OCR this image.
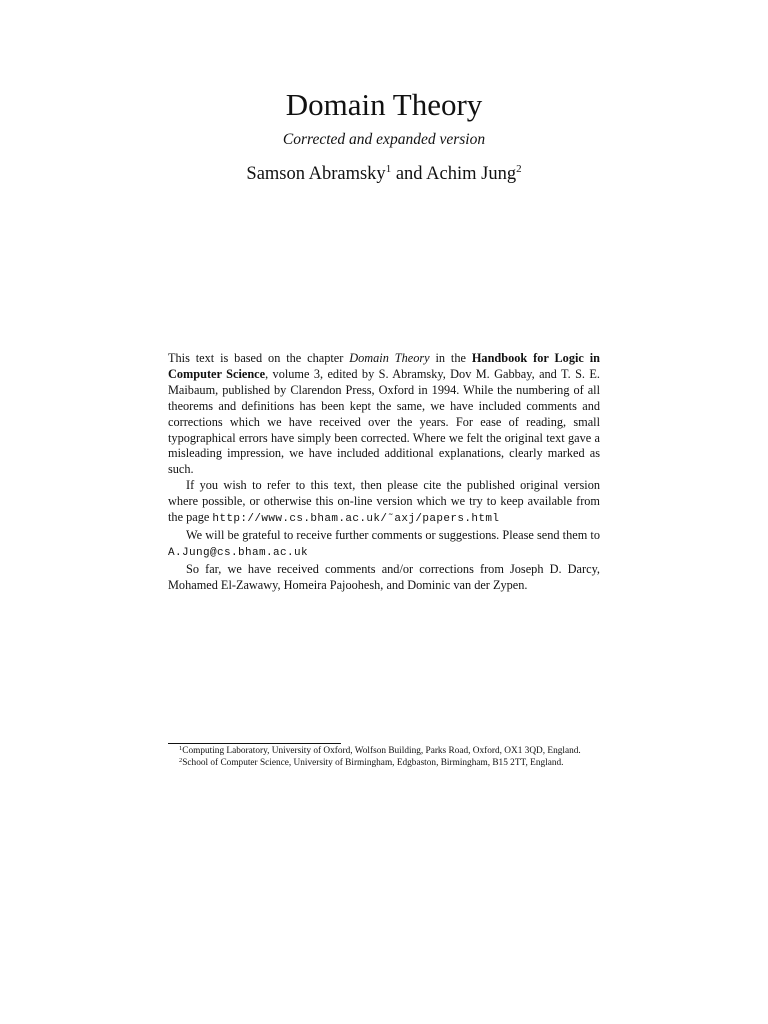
Domain Theory
Corrected and expanded version
Samson Abramsky$^1$ and Achim Jung$^2$

This text is based on the chapter Domain Theory in the Handbook for Logic in Computer Science, volume 3, edited by S. Abramsky, Dov M. Gabbay, and T. S. E. Maibaum, published by Clarendon Press, Oxford in 1994. While the numbering of all theorems and definitions has been kept the same, we have included comments and corrections which we have received over the years. For ease of reading, small typographical errors have simply been corrected. Where we felt the original text gave a misleading impression, we have included additional explanations, clearly marked as such.

If you wish to refer to this text, then please cite the published original version where possible, or otherwise this on-line version which we try to keep available from the page http://www.cs.bham.ac.uk/˜axj/papers.html

We will be grateful to receive further comments or suggestions. Please send them to A.Jung@cs.bham.ac.uk

So far, we have received comments and/or corrections from Joseph D. Darcy, Mohamed El-Zawawy, Homeira Pajoohesh, and Dominic van der Zypen.

$^1$Computing Laboratory, University of Oxford, Wolfson Building, Parks Road, Oxford, OX1 3QD, England.

$^2$School of Computer Science, University of Birmingham, Edgbaston, Birmingham, B15 2TT, England.
